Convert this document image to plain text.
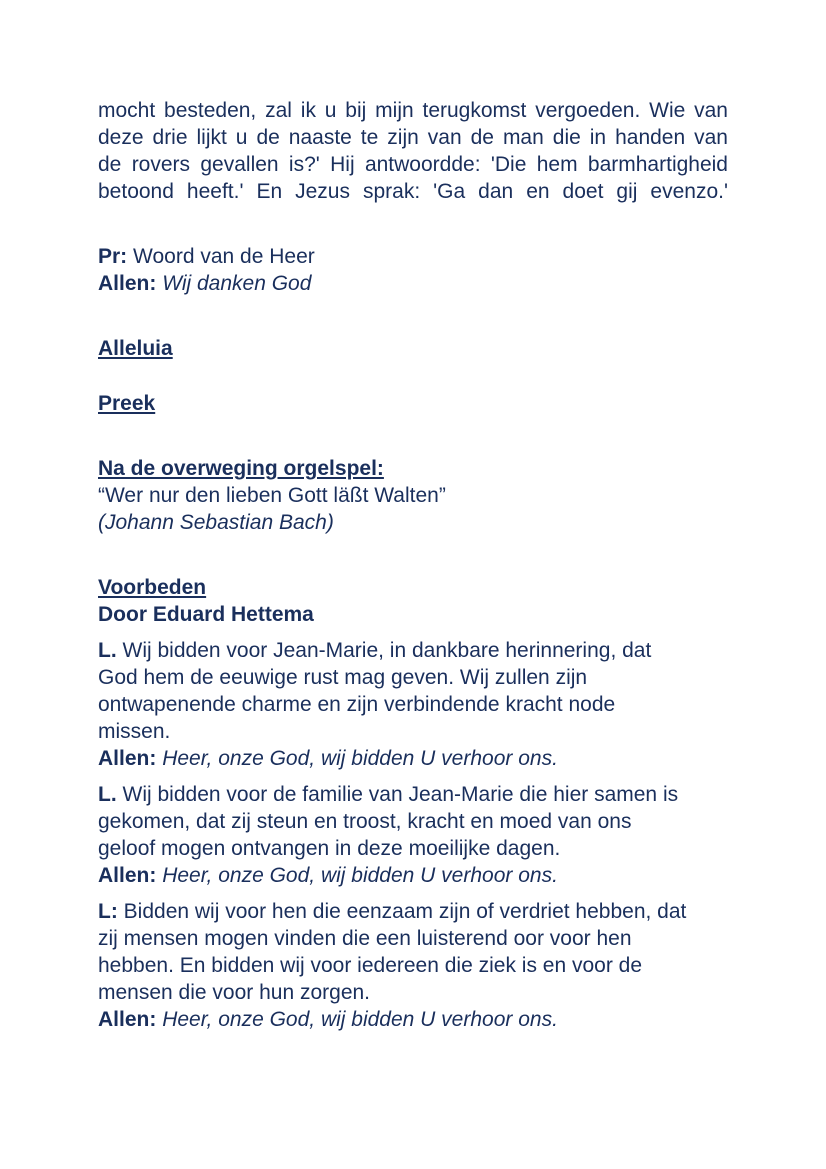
mocht besteden, zal ik u bij mijn terugkomst vergoeden. Wie van
deze drie lijkt u de naaste te zijn van de man die in handen van
de rovers gevallen is?' Hij antwoordde: 'Die hem barmhartigheid
betoond heeft.' En Jezus sprak: 'Ga dan en doet gij evenzo.'
Pr: Woord van de Heer
Allen: Wij danken God
Alleluia
Preek
Na de overweging orgelspel:
“Wer nur den lieben Gott läßt Walten”
(Johann Sebastian Bach)
Voorbeden
Door Eduard Hettema
L. Wij bidden voor Jean-Marie, in dankbare herinnering, dat
God hem de eeuwige rust mag geven. Wij zullen zijn
ontwapenende charme en zijn verbindende kracht node
missen.
Allen: Heer, onze God, wij bidden U verhoor ons.
L. Wij bidden voor de familie van Jean-Marie die hier samen is
gekomen, dat zij steun en troost, kracht en moed van ons
geloof mogen ontvangen in deze moeilijke dagen.
Allen: Heer, onze God, wij bidden U verhoor ons.
L: Bidden wij voor hen die eenzaam zijn of verdriet hebben, dat
zij mensen mogen vinden die een luisterend oor voor hen
hebben. En bidden wij voor iedereen die ziek is en voor de
mensen die voor hun zorgen.
Allen: Heer, onze God, wij bidden U verhoor ons.
